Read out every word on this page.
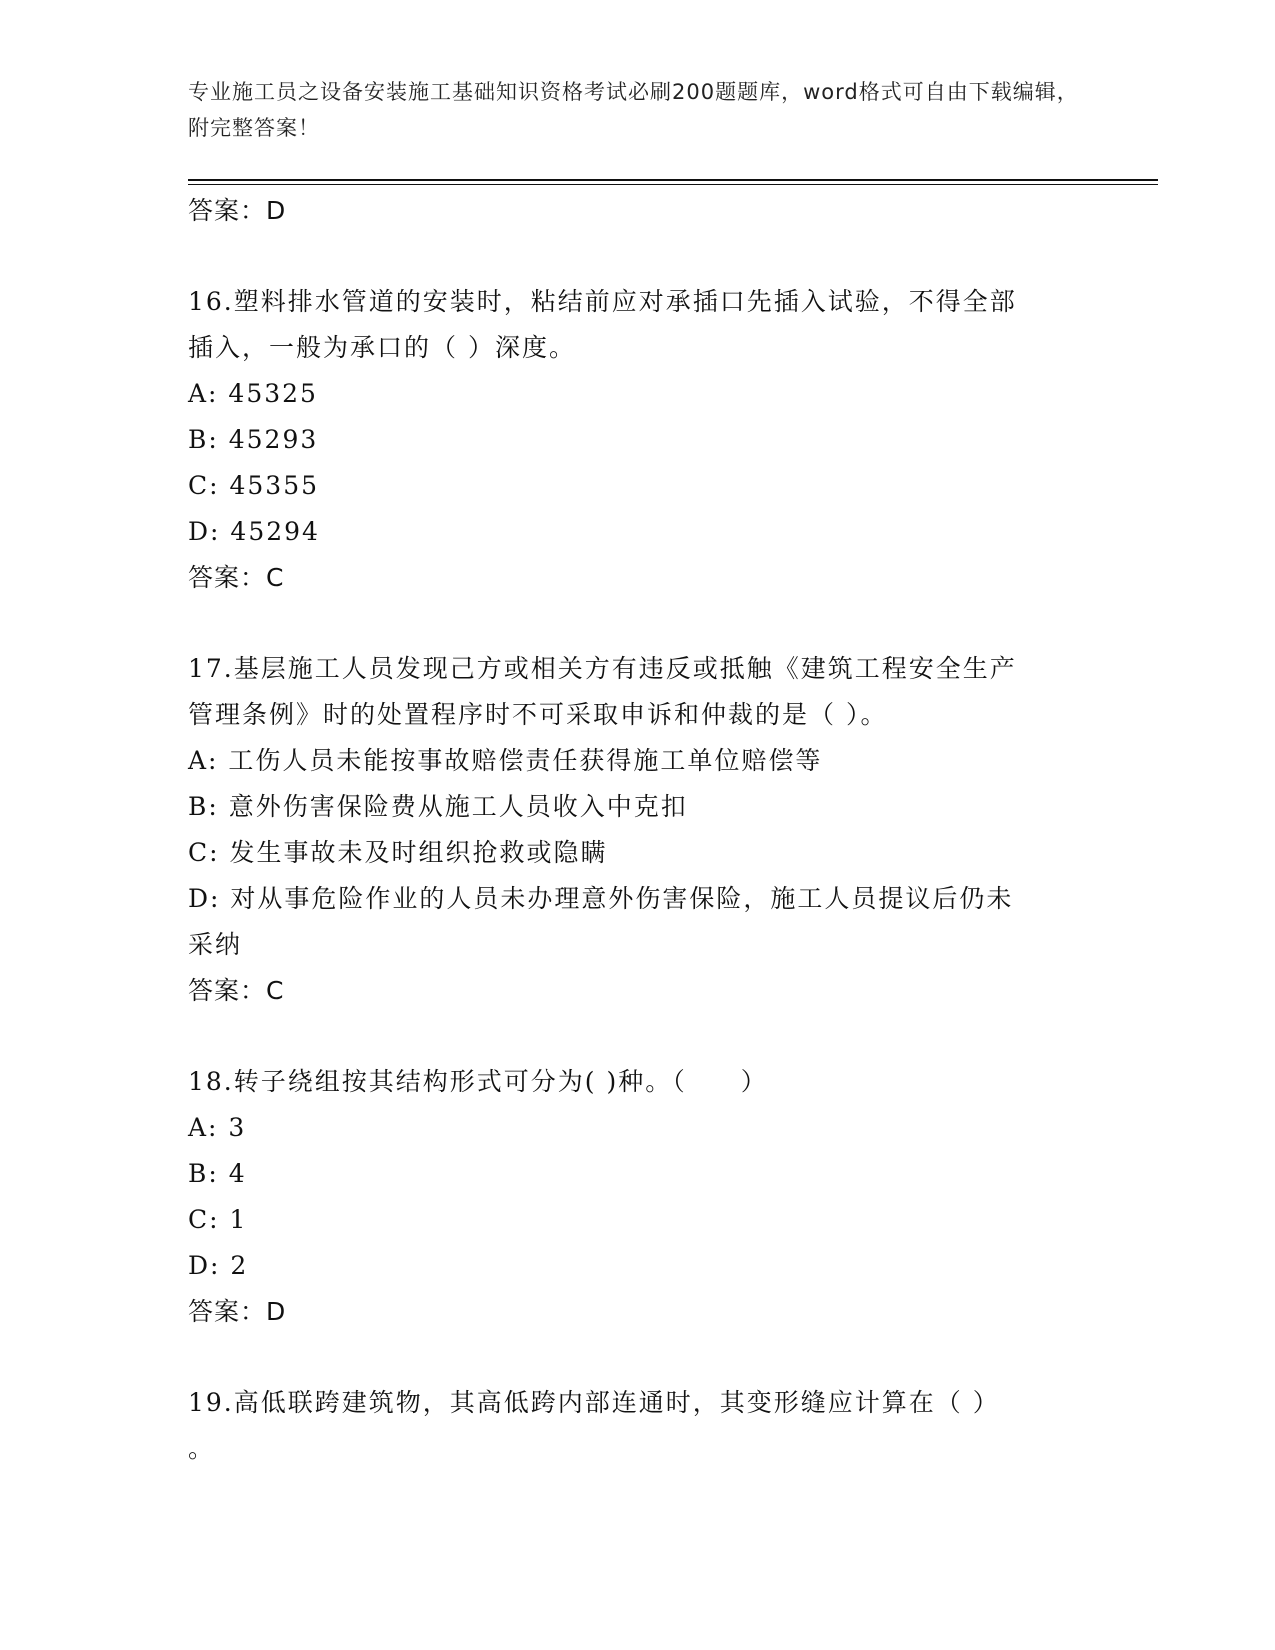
专业施工员之设备安装施工基础知识资格考试必刷200题题库，word格式可自由下载编辑，附完整答案！
答案：D
16.塑料排水管道的安装时，粘结前应对承插口先插入试验，不得全部
插入，一般为承口的（ ）深度。
A: 45325
B: 45293
C: 45355
D: 45294
答案：C
17.基层施工人员发现己方或相关方有违反或抵触《建筑工程安全生产
管理条例》时的处置程序时不可采取申诉和仲裁的是（ ）。
A: 工伤人员未能按事故赔偿责任获得施工单位赔偿等
B: 意外伤害保险费从施工人员收入中克扣
C: 发生事故未及时组织抢救或隐瞒
D: 对从事危险作业的人员未办理意外伤害保险，施工人员提议后仍未
采纳
答案：C
18.转子绕组按其结构形式可分为( )种。（　　）
A: 3
B: 4
C: 1
D: 2
答案：D
19.高低联跨建筑物，其高低跨内部连通时，其变形缝应计算在（ ）
。
